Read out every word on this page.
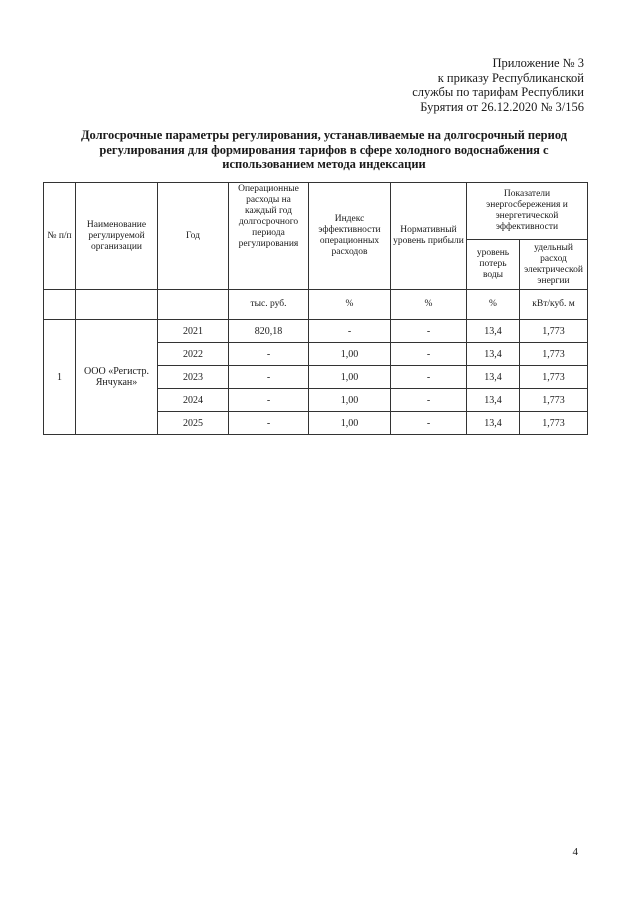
Приложение № 3
к приказу Республиканской
службы по тарифам Республики
Бурятия от 26.12.2020 № 3/156
Долгосрочные параметры регулирования, устанавливаемые на долгосрочный период
регулирования для формирования тарифов в сфере холодного водоснабжения с
использованием метода индексации
№ п/п	Наименование регулируемой организации	Год	Операционные расходы на каждый год долгосрочного периода регулирования	Индекс эффективности операционных расходов	Нормативный уровень прибыли	Показатели энергосбережения и энергетической эффективности	
						уровень потерь воды	удельный расход электрической энергии
			тыс. руб.	%	%	%	кВт/куб. м
1	ООО «Регистр. Янчукан»	2021	820,18	-	-	13,4	1,773
		2022	-	1,00	-	13,4	1,773
		2023	-	1,00	-	13,4	1,773
		2024	-	1,00	-	13,4	1,773
		2025	-	1,00	-	13,4	1,773
4
